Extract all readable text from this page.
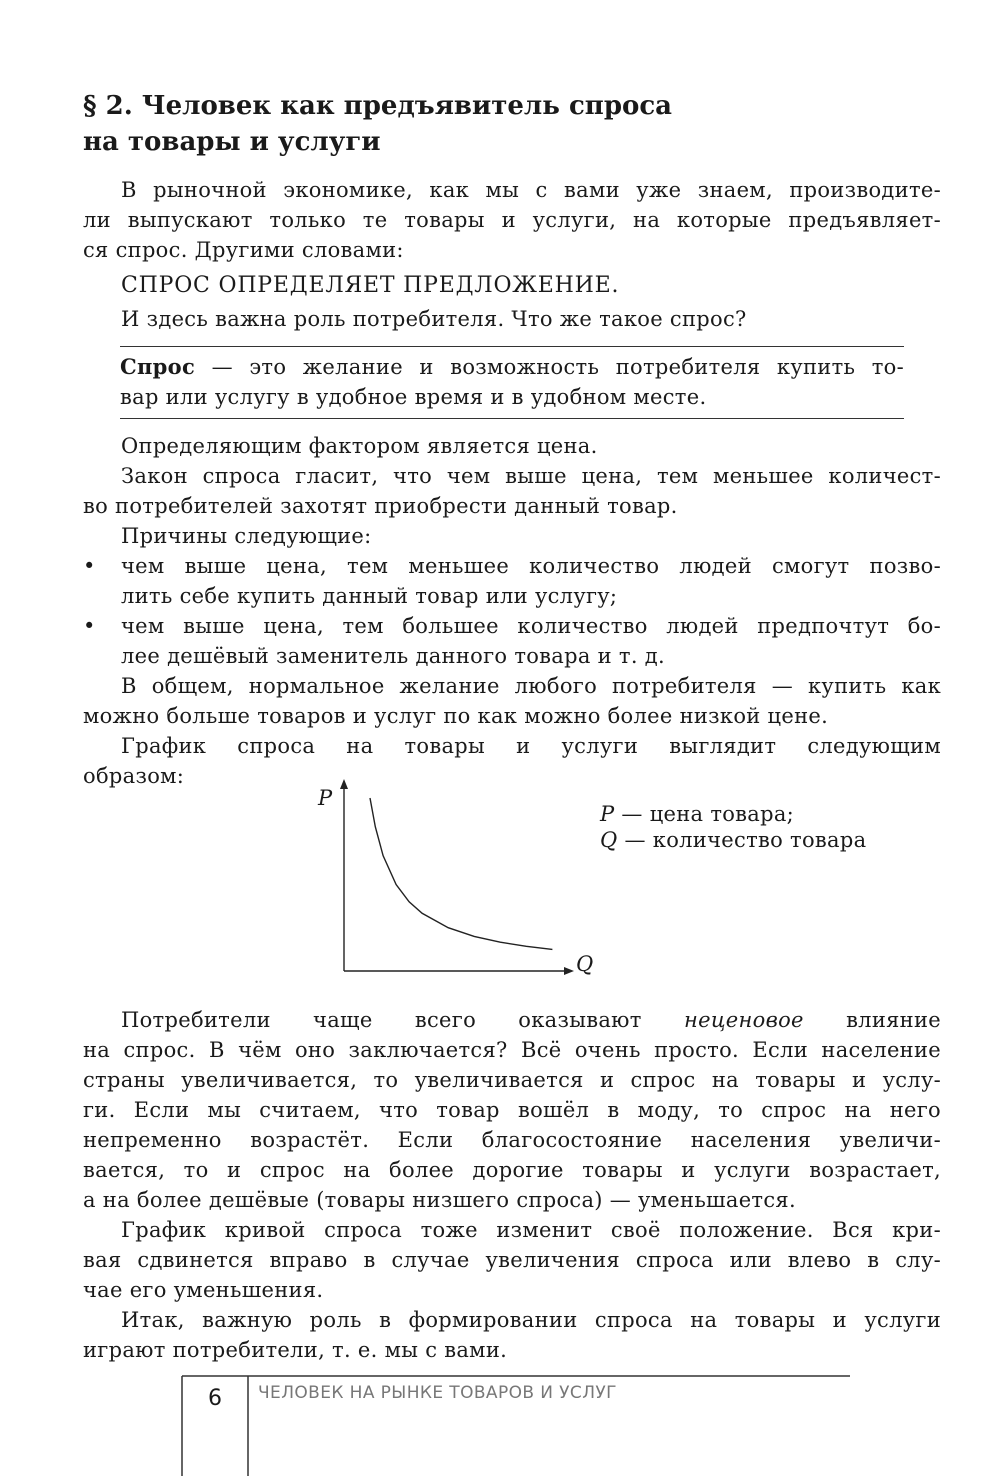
§ 2. Человек как предъявитель спроса
на товары и услуги
В рыночной экономике, как мы с вами уже знаем, производите-
ли выпускают только те товары и услуги, на которые предъявляет-
ся спрос. Другими словами:
СПРОС ОПРЕДЕЛЯЕТ ПРЕДЛОЖЕНИЕ.
И здесь важна роль потребителя. Что же такое спрос?
Спрос — это желание и возможность потребителя купить то-
вар или услугу в удобное время и в удобном месте.
Определяющим фактором является цена.
Закон спроса гласит, что чем выше цена, тем меньшее количест-
во потребителей захотят приобрести данный товар.
Причины следующие:
• чем выше цена, тем меньшее количество людей смогут позво-
лить себе купить данный товар или услугу;
• чем выше цена, тем большее количество людей предпочтут бо-
лее дешёвый заменитель данного товара и т. д.
В общем, нормальное желание любого потребителя — купить как
можно больше товаров и услуг по как можно более низкой цене.
График спроса на товары и услуги выглядит следующим
образом:
P
Q
P — цена товара;
Q — количество товара
Потребители чаще всего оказывают неценовое влияние
на спрос. В чём оно заключается? Всё очень просто. Если население
страны увеличивается, то увеличивается и спрос на товары и услу-
ги. Если мы считаем, что товар вошёл в моду, то спрос на него
непременно возрастёт. Если благосостояние населения увеличи-
вается, то и спрос на более дорогие товары и услуги возрастает,
а на более дешёвые (товары низшего спроса) — уменьшается.
График кривой спроса тоже изменит своё положение. Вся кри-
вая сдвинется вправо в случае увеличения спроса или влево в слу-
чае его уменьшения.
Итак, важную роль в формировании спроса на товары и услуги
играют потребители, т. е. мы с вами.
6	ЧЕЛОВЕК НА РЫНКЕ ТОВАРОВ И УСЛУГ
